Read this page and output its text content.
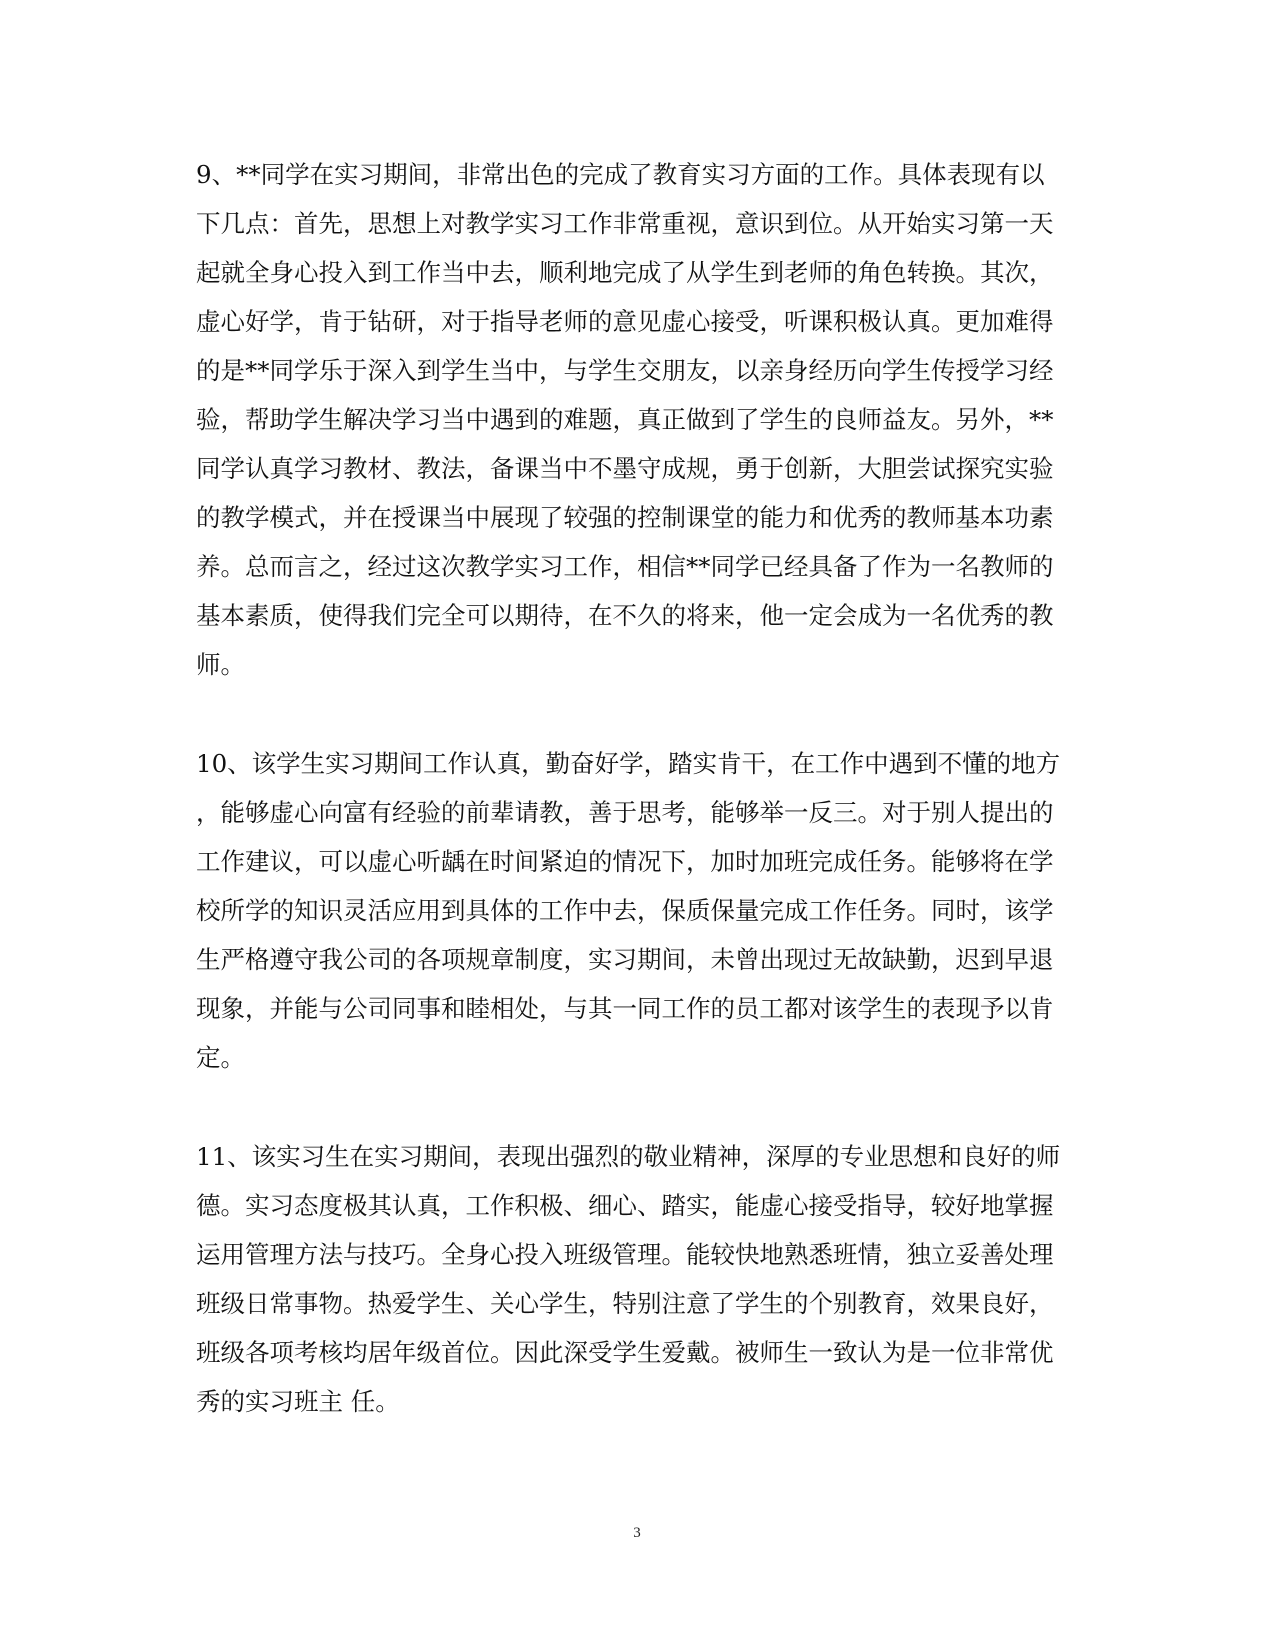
9、**同学在实习期间，非常出色的完成了教育实习方面的工作。具体表现有以
下几点：首先，思想上对教学实习工作非常重视，意识到位。从开始实习第一天
起就全身心投入到工作当中去，顺利地完成了从学生到老师的角色转换。其次，
虚心好学，肯于钻研，对于指导老师的意见虚心接受，听课积极认真。更加难得
的是**同学乐于深入到学生当中，与学生交朋友，以亲身经历向学生传授学习经
验，帮助学生解决学习当中遇到的难题，真正做到了学生的良师益友。另外，**
同学认真学习教材、教法，备课当中不墨守成规，勇于创新，大胆尝试探究实验
的教学模式，并在授课当中展现了较强的控制课堂的能力和优秀的教师基本功素
养。总而言之，经过这次教学实习工作，相信**同学已经具备了作为一名教师的
基本素质，使得我们完全可以期待，在不久的将来，他一定会成为一名优秀的教
师。

10、该学生实习期间工作认真，勤奋好学，踏实肯干，在工作中遇到不懂的地方
，能够虚心向富有经验的前辈请教，善于思考，能够举一反三。对于别人提出的
工作建议，可以虚心听龋在时间紧迫的情况下，加时加班完成任务。能够将在学
校所学的知识灵活应用到具体的工作中去，保质保量完成工作任务。同时，该学
生严格遵守我公司的各项规章制度，实习期间，未曾出现过无故缺勤，迟到早退
现象，并能与公司同事和睦相处，与其一同工作的员工都对该学生的表现予以肯
定。

11、该实习生在实习期间，表现出强烈的敬业精神，深厚的专业思想和良好的师
德。实习态度极其认真，工作积极、细心、踏实，能虚心接受指导，较好地掌握
运用管理方法与技巧。全身心投入班级管理。能较快地熟悉班情，独立妥善处理
班级日常事物。热爱学生、关心学生，特别注意了学生的个别教育，效果良好，
班级各项考核均居年级首位。因此深受学生爱戴。被师生一致认为是一位非常优
秀的实习班主 任。

3
